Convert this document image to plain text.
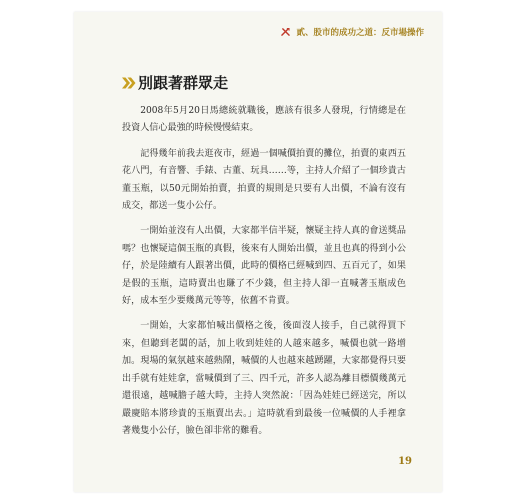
貳、股市的成功之道：反市場操作
別跟著群眾走

2008年5月20日馬總統就職後，應該有很多人發現，行情總是在投資人信心最強的時候慢慢結束。

記得幾年前我去逛夜市，經過一個喊價拍賣的攤位，拍賣的東西五花八門，有音響、手錶、古董、玩具……等，主持人介紹了一個珍貴古董玉瓶，以50元開始拍賣，拍賣的規則是只要有人出價，不論有沒有成交，都送一隻小公仔。

一開始並沒有人出價，大家都半信半疑，懷疑主持人真的會送獎品嗎？也懷疑這個玉瓶的真假，後來有人開始出價，並且也真的得到小公仔，於是陸續有人跟著出價，此時的價格已經喊到四、五百元了，如果是假的玉瓶，這時賣出也賺了不少錢，但主持人卻一直喊著玉瓶成色好，成本至少要幾萬元等等，依舊不肯賣。

一開始，大家都怕喊出價格之後，後面沒人接手，自己就得買下來，但聽到老闆的話，加上收到娃娃的人越來越多，喊價也就一路增加。現場的氣氛越來越熱鬧，喊價的人也越來越踴躍，大家都覺得只要出手就有娃娃拿，當喊價到了三、四千元，許多人認為離目標價幾萬元還很遠，越喊膽子越大時，主持人突然說：「因為娃娃已經送完，所以嚴慶賠本將珍貴的玉瓶賣出去。」這時就看到最後一位喊價的人手裡拿著幾隻小公仔，臉色卻非常的難看。

19
